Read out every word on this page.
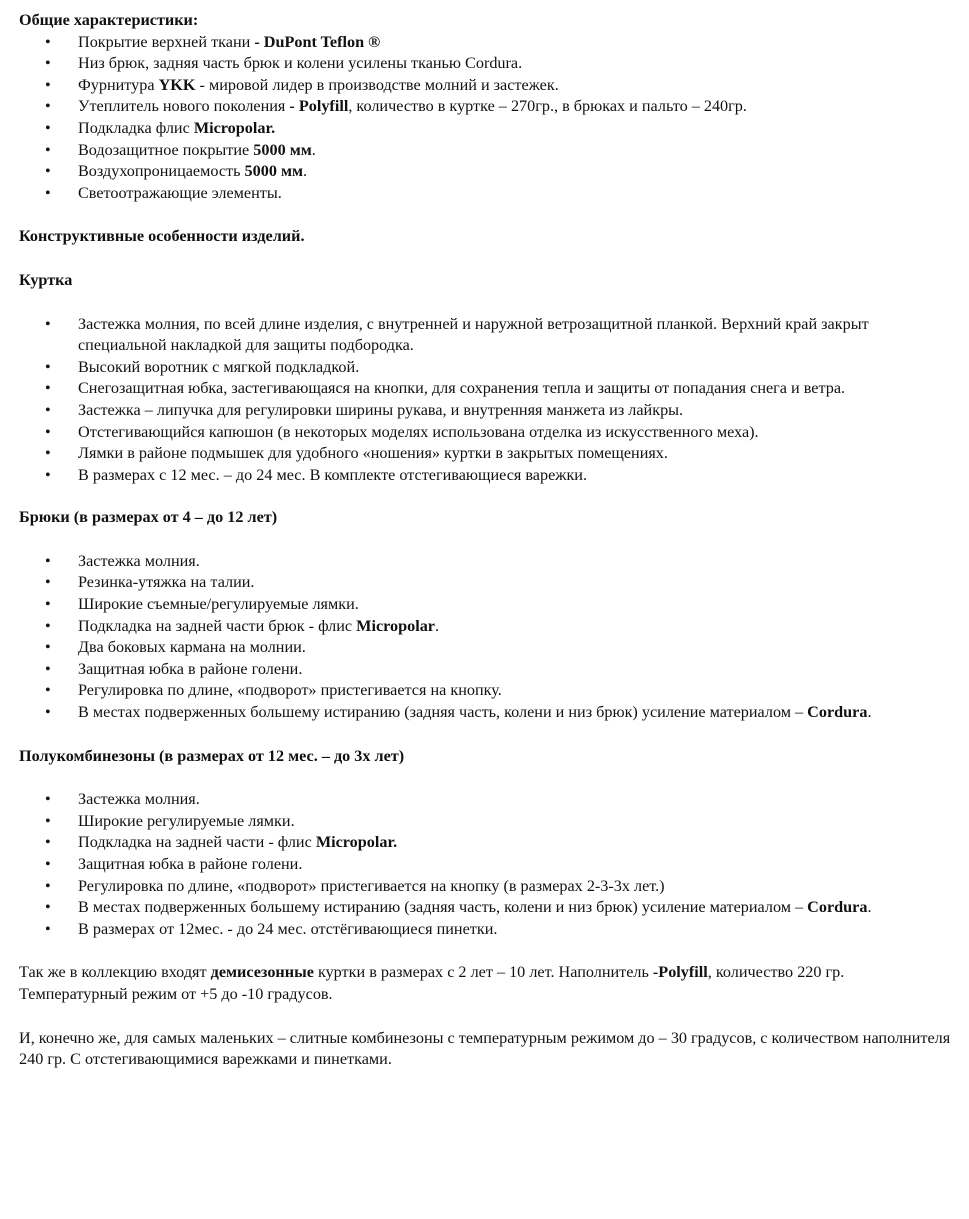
Общие характеристики:
•	Покрытие верхней ткани - DuPont Teflon ®
•	Низ брюк, задняя часть брюк и колени усилены тканью Cordura.
•	Фурнитура YKK - мировой лидер в производстве молний и застежек.
•	Утеплитель нового поколения - Polyfill, количество в куртке – 270гр., в брюках и пальто – 240гр.
•	Подкладка флис Micropolar.
•	Водозащитное покрытие 5000 мм.
•	Воздухопроницаемость 5000 мм.
•	Светоотражающие элементы.
Конструктивные особенности изделий.
Куртка
•	Застежка молния, по всей длине изделия, с внутренней и наружной ветрозащитной планкой. Верхний край закрыт специальной накладкой для защиты подбородка.
•	Высокий воротник с мягкой подкладкой.
•	Снегозащитная юбка, застегивающаяся на кнопки, для сохранения тепла и защиты от попадания снега и ветра.
•	Застежка – липучка для регулировки ширины рукава, и внутренняя манжета из лайкры.
•	Отстегивающийся капюшон (в некоторых моделях использована отделка из искусственного меха).
•	Лямки в районе подмышек для удобного «ношения» куртки в закрытых помещениях.
•	В размерах с 12 мес. – до 24 мес. В комплекте отстегивающиеся варежки.
Брюки (в размерах от 4 – до 12 лет)
•	Застежка молния.
•	Резинка-утяжка на талии.
•	Широкие съемные/регулируемые лямки.
•	Подкладка на задней части брюк - флис Micropolar.
•	Два боковых кармана на молнии.
•	Защитная юбка в районе голени.
•	Регулировка по длине, «подворот» пристегивается на кнопку.
•	В местах подверженных большему истиранию (задняя часть, колени и низ брюк) усиление материалом – Cordura.
Полукомбинезоны (в размерах от 12 мес. – до 3х лет)
•	Застежка молния.
•	Широкие регулируемые лямки.
•	Подкладка на задней части - флис Micropolar.
•	Защитная юбка в районе голени.
•	Регулировка по длине, «подворот» пристегивается на кнопку (в размерах 2-3-3х лет.)
•	В местах подверженных большему истиранию (задняя часть, колени и низ брюк) усиление материалом – Cordura.
•	В размерах от 12мес. - до 24 мес. отстёгивающиеся пинетки.

Так же в коллекцию входят демисезонные куртки в размерах с 2 лет – 10 лет. Наполнитель -Polyfill, количество 220 гр. Температурный режим от +5 до -10 градусов.

И, конечно же, для самых маленьких – слитные комбинезоны с температурным режимом до – 30 градусов, с количеством наполнителя 240 гр. С отстегивающимися варежками и пинетками.
